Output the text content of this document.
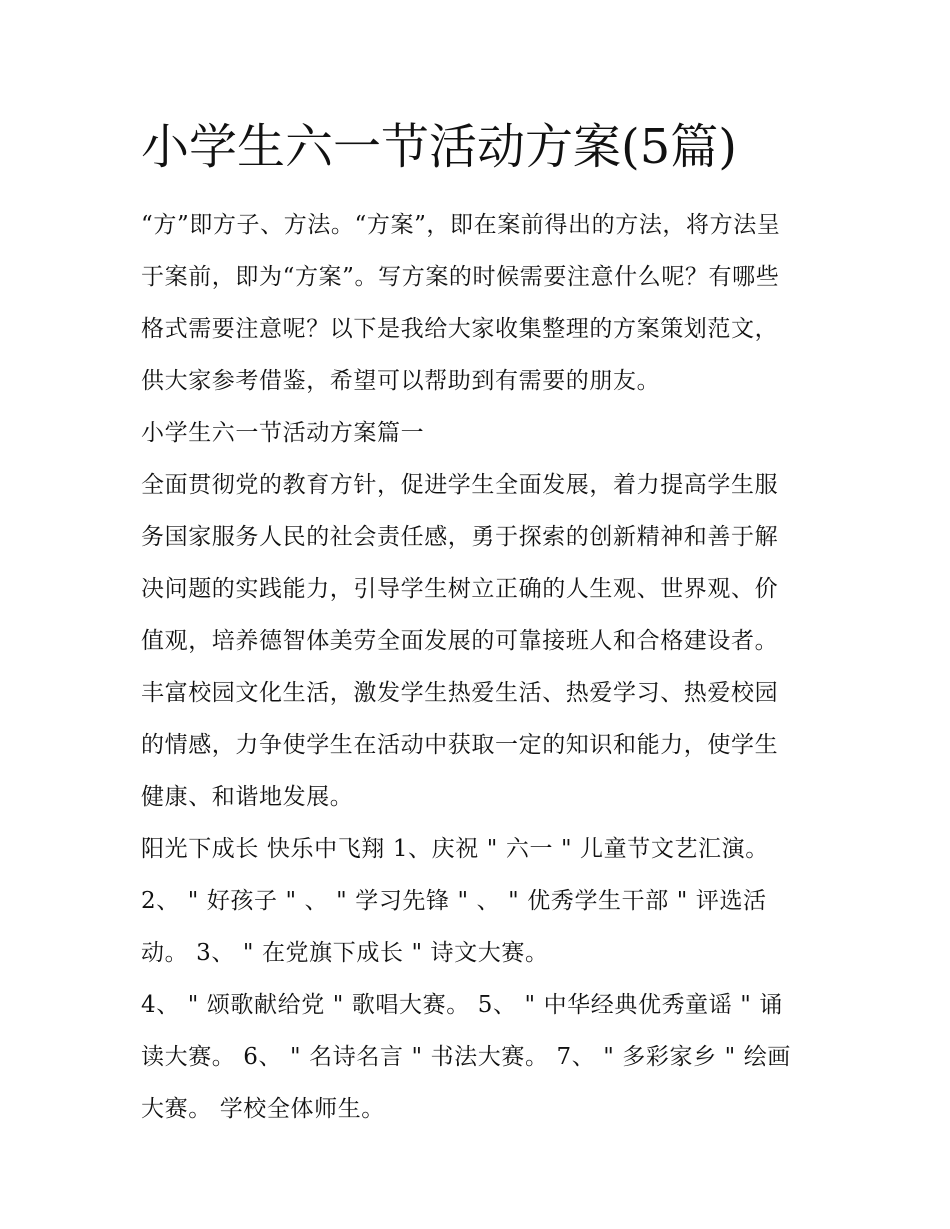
小学生六一节活动方案(5篇)

“方”即方子、方法。“方案”，即在案前得出的方法，将方法呈

于案前，即为“方案”。写方案的时候需要注意什么呢？有哪些

格式需要注意呢？以下是我给大家收集整理的方案策划范文，

供大家参考借鉴，希望可以帮助到有需要的朋友。

小学生六一节活动方案篇一

全面贯彻党的教育方针，促进学生全面发展，着力提高学生服

务国家服务人民的社会责任感，勇于探索的创新精神和善于解

决问题的实践能力，引导学生树立正确的人生观、世界观、价

值观，培养德智体美劳全面发展的可靠接班人和合格建设者。

丰富校园文化生活，激发学生热爱生活、热爱学习、热爱校园

的情感，力争使学生在活动中获取一定的知识和能力，使学生

健康、和谐地发展。

阳光下成长 快乐中飞翔 1、庆祝 " 六一 " 儿童节文艺汇演。

2、 " 好孩子 " 、 " 学习先锋 " 、 " 优秀学生干部 " 评选活

动。 3、 " 在党旗下成长 " 诗文大赛。

4、 " 颂歌献给党 " 歌唱大赛。 5、 " 中华经典优秀童谣 " 诵

读大赛。 6、 " 名诗名言 " 书法大赛。 7、 " 多彩家乡 " 绘画

大赛。 学校全体师生。
